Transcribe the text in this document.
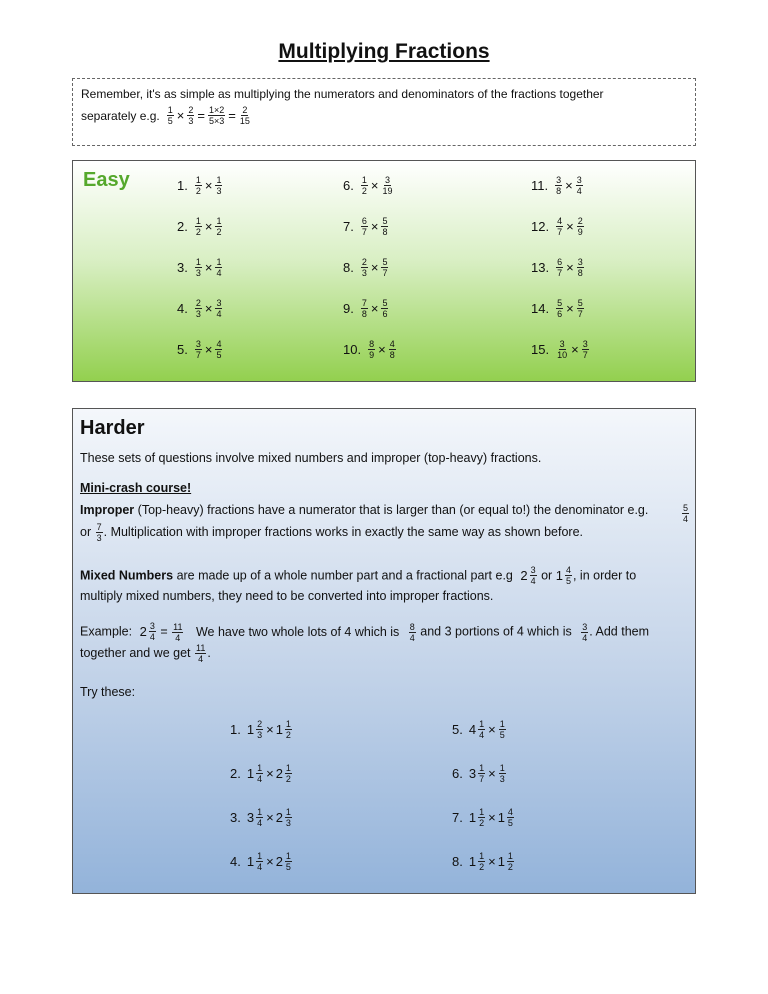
Multiplying Fractions
Remember, it's as simple as multiplying the numerators and denominators of the fractions together
separately e.g. $\frac{1}{5} \times \frac{2}{3} = \frac{1\times 2}{5\times 3} = \frac{2}{15}$
Easy	1. $\frac{1}{2} \times \frac{1}{3}$
2. $\frac{1}{2} \times \frac{1}{2}$
3. $\frac{1}{3} \times \frac{1}{4}$
4. $\frac{2}{3} \times \frac{3}{4}$
5. $\frac{3}{7} \times \frac{4}{5}$
6. $\frac{1}{2} \times \frac{3}{19}$
7. $\frac{6}{7} \times \frac{5}{8}$
8. $\frac{2}{3} \times \frac{5}{7}$
9. $\frac{7}{8} \times \frac{5}{6}$
10. $\frac{8}{9} \times \frac{4}{8}$
11. $\frac{3}{8} \times \frac{3}{4}$
12. $\frac{4}{7} \times \frac{2}{9}$
13. $\frac{6}{7} \times \frac{3}{8}$
14. $\frac{5}{6} \times \frac{5}{7}$
15. $\frac{3}{10} \times \frac{3}{7}$
Harder
These sets of questions involve mixed numbers and improper (top-heavy) fractions.
Mini-crash course!
Improper (Top-heavy) fractions have a numerator that is larger than (or equal to!) the denominator e.g.	$\frac{5}{4}$
or $\frac{7}{3}$ . Multiplication with improper fractions works in exactly the same way as shown before.
Mixed Numbers are made up of a whole number part and a fractional part e.g $2 \frac{3}{4}$ or $1 \frac{4}{5}$ , in order to
multiply mixed numbers, they need to be converted into improper fractions.
Example: $2 \frac{3}{4} = \frac{11}{4}$ We have two whole lots of 4 which is $\frac{8}{4}$ and 3 portions of 4 which is $\frac{3}{4}$ . Add them
together and we get $\frac{11}{4}$ .
Try these:
1. $1 \frac{2}{3} \times 1 \frac{1}{2}$
2. $1 \frac{1}{4} \times 2 \frac{1}{2}$
3. $3 \frac{1}{4} \times 2 \frac{1}{3}$
4. $1 \frac{1}{4} \times 2 \frac{1}{5}$
5. $4 \frac{1}{4} \times \frac{1}{5}$
6. $3 \frac{1}{7} \times \frac{1}{3}$
7. $1 \frac{1}{2} \times 1 \frac{4}{5}$
8. $1 \frac{1}{2} \times 1 \frac{1}{2}$
